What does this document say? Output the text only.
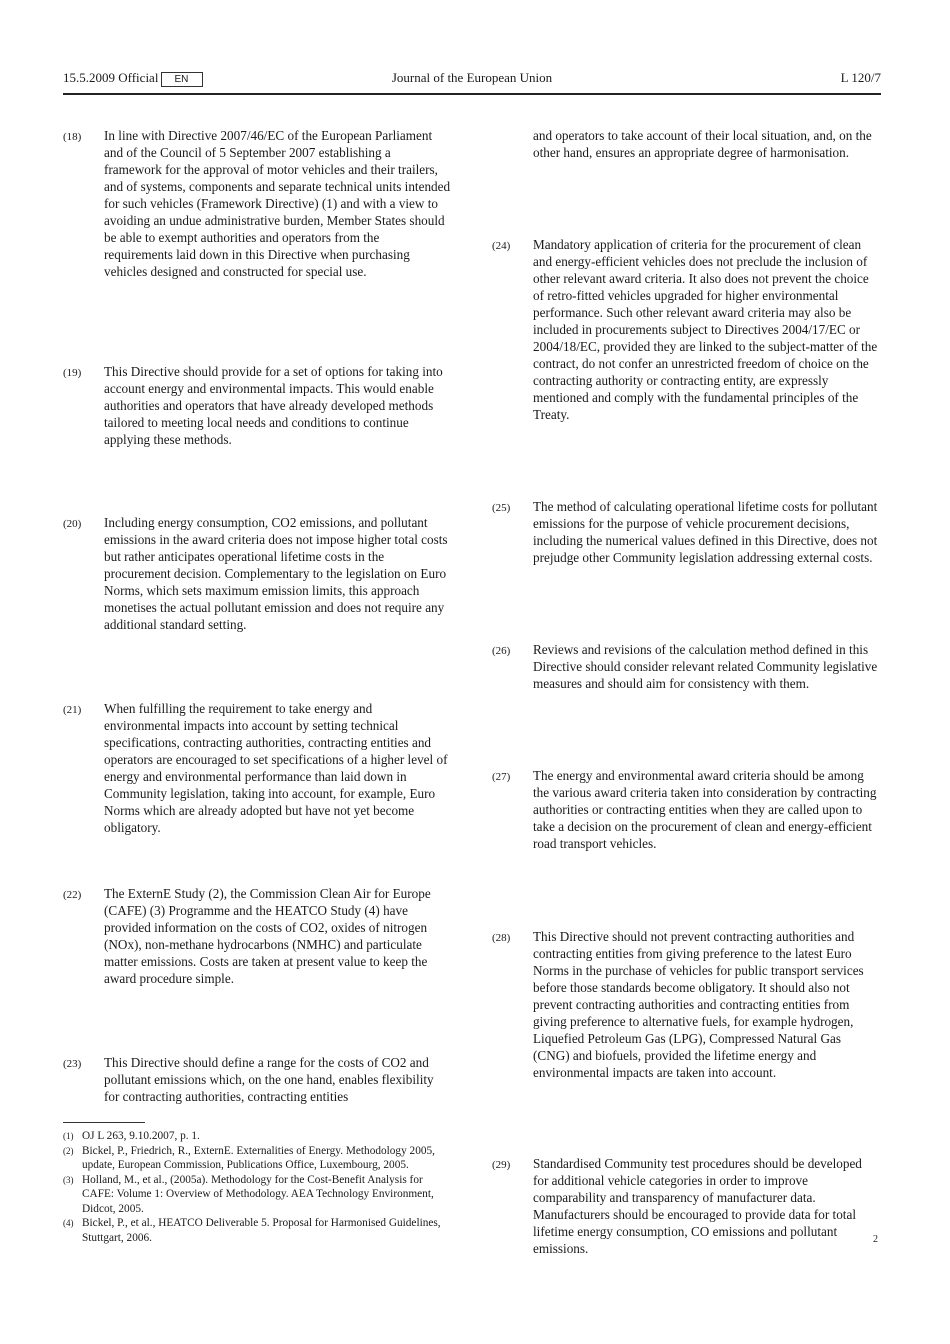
15.5.2009 Official EN	Journal of the European Union	L 120/7
(18) In line with Directive 2007/46/EC of the European Parliament and of the Council of 5 September 2007 establishing a framework for the approval of motor vehicles and their trailers, and of systems, components and separate technical units intended for such vehicles (Framework Directive) (1) and with a view to avoiding an undue administrative burden, Member States should be able to exempt authorities and operators from the requirements laid down in this Directive when purchasing vehicles designed and constructed for special use.
(19) This Directive should provide for a set of options for taking into account energy and environmental impacts. This would enable authorities and operators that have already developed methods tailored to meeting local needs and conditions to continue applying these methods.
(20) Including energy consumption, CO2 emissions, and pollutant emissions in the award criteria does not impose higher total costs but rather anticipates operational lifetime costs in the procurement decision. Complementary to the legislation on Euro Norms, which sets maximum emission limits, this approach monetises the actual pollutant emission and does not require any additional standard setting.
(21) When fulfilling the requirement to take energy and environmental impacts into account by setting technical specifications, contracting authorities, contracting entities and operators are encouraged to set specifications of a higher level of energy and environmental performance than laid down in Community legislation, taking into account, for example, Euro Norms which are already adopted but have not yet become obligatory.
(22) The ExternE Study (2), the Commission Clean Air for Europe (CAFE) (3) Programme and the HEATCO Study (4) have provided information on the costs of CO2, oxides of nitrogen (NOx), non-methane hydrocarbons (NMHC) and particulate matter emissions. Costs are taken at present value to keep the award procedure simple.
(23) This Directive should define a range for the costs of CO2 and pollutant emissions which, on the one hand, enables flexibility for contracting authorities, contracting entities
and operators to take account of their local situation, and, on the other hand, ensures an appropriate degree of harmonisation.
(24) Mandatory application of criteria for the procurement of clean and energy-efficient vehicles does not preclude the inclusion of other relevant award criteria. It also does not prevent the choice of retro-fitted vehicles upgraded for higher environmental performance. Such other relevant award criteria may also be included in procurements subject to Directives 2004/17/EC or 2004/18/EC, provided they are linked to the subject-matter of the contract, do not confer an unrestricted freedom of choice on the contracting authority or contracting entity, are expressly mentioned and comply with the fundamental principles of the Treaty.
(25) The method of calculating operational lifetime costs for pollutant emissions for the purpose of vehicle procurement decisions, including the numerical values defined in this Directive, does not prejudge other Community legislation addressing external costs.
(26) Reviews and revisions of the calculation method defined in this Directive should consider relevant related Community legislative measures and should aim for consistency with them.
(27) The energy and environmental award criteria should be among the various award criteria taken into consideration by contracting authorities or contracting entities when they are called upon to take a decision on the procurement of clean and energy-efficient road transport vehicles.
(28) This Directive should not prevent contracting authorities and contracting entities from giving preference to the latest Euro Norms in the purchase of vehicles for public transport services before those standards become obligatory. It should also not prevent contracting authorities and contracting entities from giving preference to alternative fuels, for example hydrogen, Liquefied Petroleum Gas (LPG), Compressed Natural Gas (CNG) and biofuels, provided the lifetime energy and environmental impacts are taken into account.
(29) Standardised Community test procedures should be developed for additional vehicle categories in order to improve comparability and transparency of manufacturer data. Manufacturers should be encouraged to provide data for total lifetime energy consumption, CO emissions and pollutant emissions.
2
(1) OJ L 263, 9.10.2007, p. 1.
(2) Bickel, P., Friedrich, R., ExternE. Externalities of Energy. Methodology 2005, update, European Commission, Publications Office, Luxembourg, 2005.
(3) Holland, M., et al., (2005a). Methodology for the Cost-Benefit Analysis for CAFE: Volume 1: Overview of Methodology. AEA Technology Environment, Didcot, 2005.
(4) Bickel, P., et al., HEATCO Deliverable 5. Proposal for Harmonised Guidelines, Stuttgart, 2006.
